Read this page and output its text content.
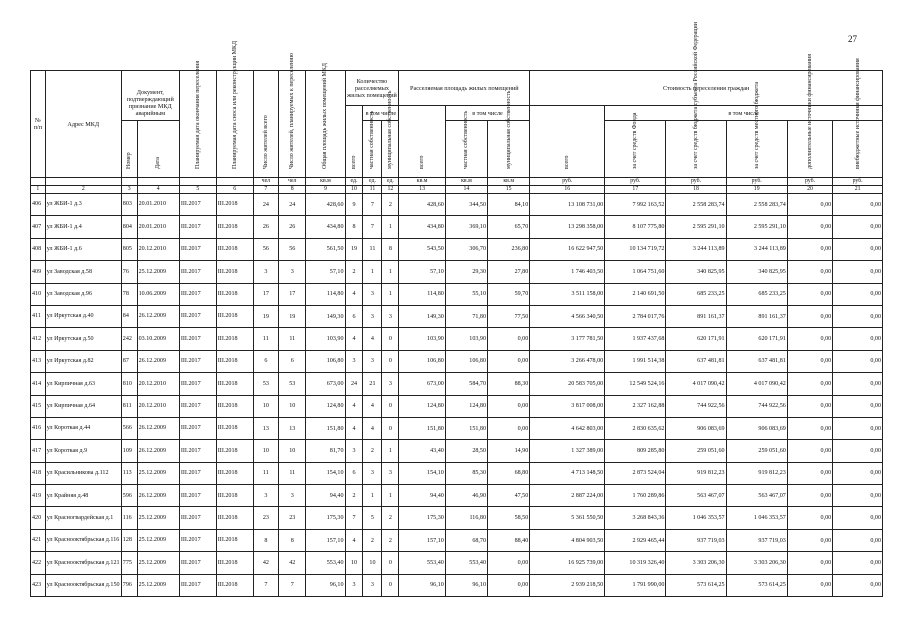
27
№ п/п	Адрес МКД	Документ, подтверждающий признание МКД аварийным		Планируемая дата окончания переселения	Планируемая дата сноса или реконструкции МКД	Число жителей всего	Число жителей, планируемых к переселению	Общая площадь жилых помещений МКД	Количество расселяемых жилых помещений			Расселяемая площадь жилых помещений			Стоимость переселения граждан					

									всего	в том числе		всего	в том числе		всего	в том числе				

		Номер	Дата							частная собственность	муниципальная собственность		частная собственность	муниципальная собственность		за счет средств Фонда	за счет средств бюджета субъекта Российской Федерации	за счет средств местного бюджета	дополнительные источники финансирования	внебюджетные источники финансирования

						чел	чел	кв.м	ед.	ед.	ед.	кв.м	кв.м	кв.м	руб.	руб.	руб.	руб.	руб.	руб.
1	2	3	4	5	6	7	8	9	10	11	12	13	14	15	16	17	18	19	20	21
406	ул ЖБИ-1 д.3	803	20.01.2010	III.2017	III.2018	24	24	428,60	9	7	2	428,60	344,50	84,10	13 108 731,00	7 992 163,52	2 558 283,74	2 558 283,74	0,00	0,00
407	ул ЖБИ-1 д.4	804	20.01.2010	III.2017	III.2018	26	26	434,80	8	7	1	434,80	369,10	65,70	13 298 358,00	8 107 775,80	2 595 291,10	2 595 291,10	0,00	0,00
408	ул ЖБИ-1 д.6	805	20.12.2010	III.2017	III.2018	56	56	561,50	19	11	8	543,50	306,70	236,80	16 622 947,50	10 134 719,72	3 244 113,89	3 244 113,89	0,00	0,00
409	ул Заводская д.58	76	25.12.2009	III.2017	III.2018	3	3	57,10	2	1	1	57,10	29,30	27,80	1 746 403,50	1 064 751,60	340 825,95	340 825,95	0,00	0,00
410	ул Заводская д.96	78	10.06.2009	III.2017	III.2018	17	17	114,80	4	3	1	114,80	55,10	59,70	3 511 158,00	2 140 691,50	685 233,25	685 233,25	0,00	0,00
411	ул Иркутская д.40	84	26.12.2009	III.2017	III.2018	19	19	149,30	6	3	3	149,30	71,80	77,50	4 566 340,50	2 784 017,76	891 161,37	891 161,37	0,00	0,00
412	ул Иркутская д.50	242	03.10.2009	III.2017	III.2018	11	11	103,90	4	4	0	103,90	103,90	0,00	3 177 781,50	1 937 437,68	620 171,91	620 171,91	0,00	0,00
413	ул Иркутская д.82	87	26.12.2009	III.2017	III.2018	6	6	106,80	3	3	0	106,80	106,80	0,00	3 266 478,00	1 991 514,38	637 481,81	637 481,81	0,00	0,00
414	ул Кирпичная д.63	810	20.12.2010	III.2017	III.2018	53	53	673,00	24	21	3	673,00	584,70	88,30	20 583 705,00	12 549 524,16	4 017 090,42	4 017 090,42	0,00	0,00
415	ул Кирпичная д.64	811	20.12.2010	III.2017	III.2018	10	10	124,80	4	4	0	124,80	124,80	0,00	3 817 008,00	2 327 162,88	744 922,56	744 922,56	0,00	0,00
416	ул Короткая д.44	566	26.12.2009	III.2017	III.2018	13	13	151,80	4	4	0	151,80	151,80	0,00	4 642 803,00	2 830 635,62	906 083,69	906 083,69	0,00	0,00
417	ул Короткая д.9	109	26.12.2009	III.2017	III.2018	10	10	81,70	3	2	1	43,40	28,50	14,90	1 327 389,00	809 285,80	259 051,60	259 051,60	0,00	0,00
418	ул Красильникова д.112	113	25.12.2009	III.2017	III.2018	11	11	154,10	6	3	3	154,10	85,30	68,80	4 713 148,50	2 873 524,04	919 812,23	919 812,23	0,00	0,00
419	ул Крайняя д.48	596	26.12.2009	III.2017	III.2018	3	3	94,40	2	1	1	94,40	46,90	47,50	2 887 224,00	1 760 289,86	563 467,07	563 467,07	0,00	0,00
420	ул Красногвардейская д.1	116	25.12.2009	III.2017	III.2018	23	23	175,30	7	5	2	175,30	116,80	58,50	5 361 550,50	3 268 843,36	1 046 353,57	1 046 353,57	0,00	0,00
421	ул Краснооктябрьская д.116	128	25.12.2009	III.2017	III.2018	8	8	157,10	4	2	2	157,10	68,70	88,40	4 804 903,50	2 929 465,44	937 719,03	937 719,03	0,00	0,00
422	ул Краснооктябрьская д.121	775	25.12.2009	III.2017	III.2018	42	42	553,40	10	10	0	553,40	553,40	0,00	16 925 739,00	10 319 326,40	3 303 206,30	3 303 206,30	0,00	0,00
423	ул Краснооктябрьская д.150	796	25.12.2009	III.2017	III.2018	7	7	96,10	3	3	0	96,10	96,10	0,00	2 939 218,50	1 791 990,00	573 614,25	573 614,25	0,00	0,00
